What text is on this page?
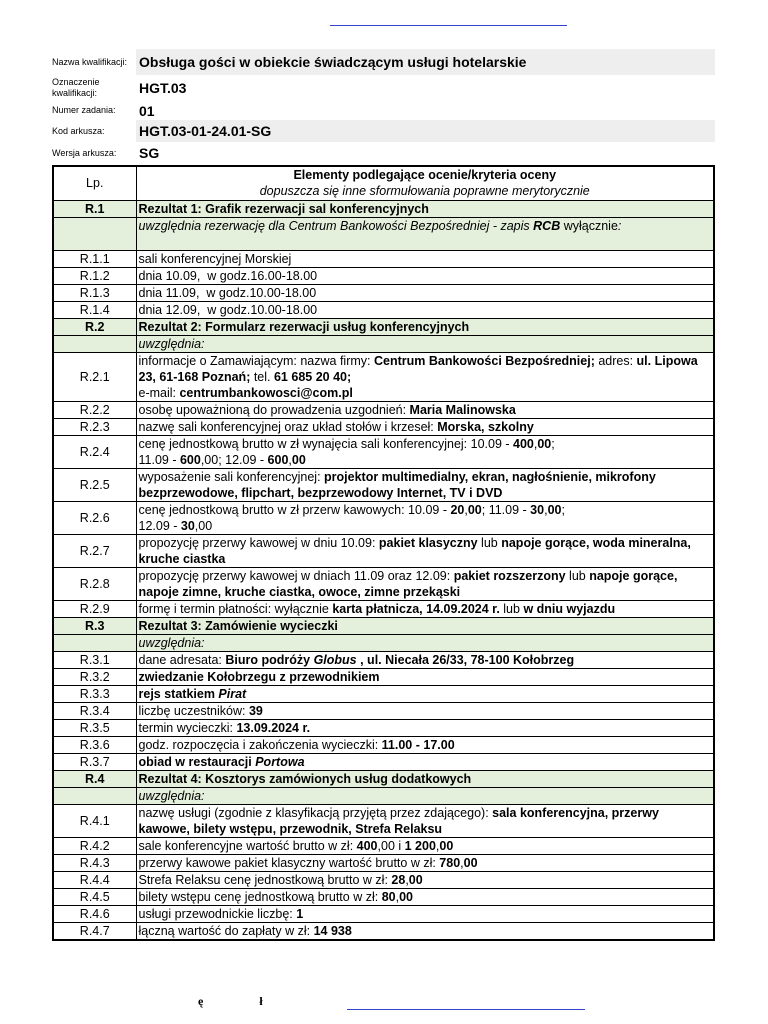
Nazwa kwalifikacji: Obsługa gości w obiekcie świadczącym usługi hotelarskie
Oznaczenie kwalifikacji:	HGT.03
Numer zadania:	01
Kod arkusza:	HGT.03-01-24.01-SG
Wersja arkusza:	SG
Lp.	Elementy podlegające ocenie/kryteria oceny
dopuszcza się inne sformułowania poprawne merytorycznie

R.1	Rezultat 1: Grafik rezerwacji sal konferencyjnych
	uwzględnia rezerwację dla Centrum Bankowości Bezpośredniej - zapis RCB wyłącznie:
R.1.1	sali konferencyjnej Morskiej
R.1.2	dnia 10.09,  w godz.16.00-18.00
R.1.3	dnia 11.09,  w godz.10.00-18.00
R.1.4	dnia 12.09,  w godz.10.00-18.00
R.2	Rezultat 2: Formularz rezerwacji usług konferencyjnych
	uwzględnia:
R.2.1	informacje o Zamawiającym: nazwa firmy: Centrum Bankowości Bezpośredniej; adres: ul. Lipowa 23, 61-168 Poznań; tel. 61 685 20 40;
e-mail: centrumbankowosci@com.pl
R.2.2	osobę upoważnioną do prowadzenia uzgodnień: Maria Malinowska
R.2.3	nazwę sali konferencyjnej oraz układ stołów i krzeseł: Morska, szkolny
R.2.4	cenę jednostkową brutto w zł wynajęcia sali konferencyjnej: 10.09 - 400,00;
11.09 - 600,00; 12.09 - 600,00
R.2.5	wyposażenie sali konferencyjnej: projektor multimedialny, ekran, nagłośnienie, mikrofony bezprzewodowe, flipchart, bezprzewodowy Internet, TV i DVD
R.2.6	cenę jednostkową brutto w zł przerw kawowych: 10.09 - 20,00; 11.09 - 30,00;
12.09 - 30,00
R.2.7	propozycję przerwy kawowej w dniu 10.09: pakiet klasyczny lub napoje gorące, woda mineralna, kruche ciastka
R.2.8	propozycję przerwy kawowej w dniach 11.09 oraz 12.09: pakiet rozszerzony lub napoje gorące, napoje zimne, kruche ciastka, owoce, zimne przekąski
R.2.9	formę i termin płatności: wyłącznie karta płatnicza, 14.09.2024 r. lub w dniu wyjazdu
R.3	Rezultat 3: Zamówienie wycieczki
	uwzględnia:
R.3.1	dane adresata: Biuro podróży Globus , ul. Niecała 26/33, 78-100 Kołobrzeg
R.3.2	zwiedzanie Kołobrzegu z przewodnikiem
R.3.3	rejs statkiem Pirat
R.3.4	liczbę uczestników: 39
R.3.5	termin wycieczki: 13.09.2024 r.
R.3.6	godz. rozpoczęcia i zakończenia wycieczki: 11.00 - 17.00
R.3.7	obiad w restauracji Portowa
R.4	Rezultat 4: Kosztorys zamówionych usług dodatkowych
	uwzględnia:
R.4.1	nazwę usługi (zgodnie z klasyfikacją przyjętą przez zdającego): sala konferencyjna, przerwy kawowe, bilety wstępu, przewodnik, Strefa Relaksu
R.4.2	sale konferencyjne wartość brutto w zł: 400,00 i 1 200,00
R.4.3	przerwy kawowe pakiet klasyczny wartość brutto w zł: 780,00
R.4.4	Strefa Relaksu cenę jednostkową brutto w zł: 28,00
R.4.5	bilety wstępu cenę jednostkową brutto w zł: 80,00
R.4.6	usługi przewodnickie liczbę: 1
R.4.7	łączną wartość do zapłaty w zł: 14 938
ę	ł
